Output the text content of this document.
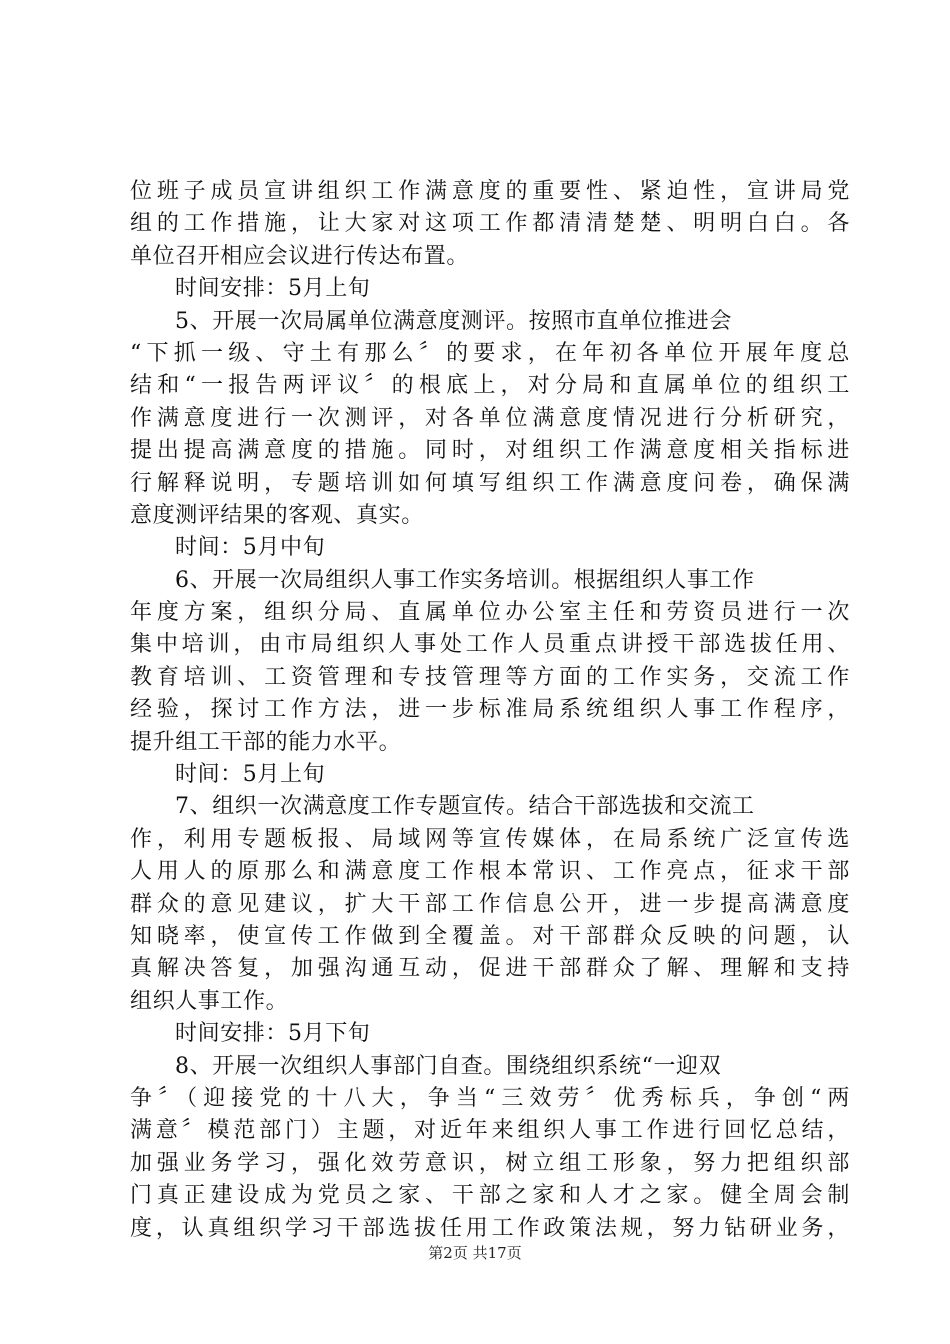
位班子成员宣讲组织工作满意度的重要性、紧迫性，宣讲局党
组的工作措施，让大家对这项工作都清清楚楚、明明白白。各
单位召开相应会议进行传达布置。
时间安排：5月上旬
5、开展一次局属单位满意度测评。按照市直单位推进会
“下抓一级、守土有那么〞的要求，在年初各单位开展年度总
结和“一报告两评议〞的根底上，对分局和直属单位的组织工
作满意度进行一次测评，对各单位满意度情况进行分析研究，
提出提高满意度的措施。同时，对组织工作满意度相关指标进
行解释说明，专题培训如何填写组织工作满意度问卷，确保满
意度测评结果的客观、真实。
时间：5月中旬
6、开展一次局组织人事工作实务培训。根据组织人事工作
年度方案，组织分局、直属单位办公室主任和劳资员进行一次
集中培训，由市局组织人事处工作人员重点讲授干部选拔任用、
教育培训、工资管理和专技管理等方面的工作实务，交流工作
经验，探讨工作方法，进一步标准局系统组织人事工作程序，
提升组工干部的能力水平。
时间：5月上旬
7、组织一次满意度工作专题宣传。结合干部选拔和交流工
作，利用专题板报、局域网等宣传媒体，在局系统广泛宣传选
人用人的原那么和满意度工作根本常识、工作亮点，征求干部
群众的意见建议，扩大干部工作信息公开，进一步提高满意度
知晓率，使宣传工作做到全覆盖。对干部群众反映的问题，认
真解决答复，加强沟通互动，促进干部群众了解、理解和支持
组织人事工作。
时间安排：5月下旬
8、开展一次组织人事部门自查。围绕组织系统“一迎双
争〞（迎接党的十八大，争当“三效劳〞优秀标兵，争创“两
满意〞模范部门）主题，对近年来组织人事工作进行回忆总结，
加强业务学习，强化效劳意识，树立组工形象，努力把组织部
门真正建设成为党员之家、干部之家和人才之家。健全周会制
度，认真组织学习干部选拔任用工作政策法规，努力钻研业务，
第2页 共17页
